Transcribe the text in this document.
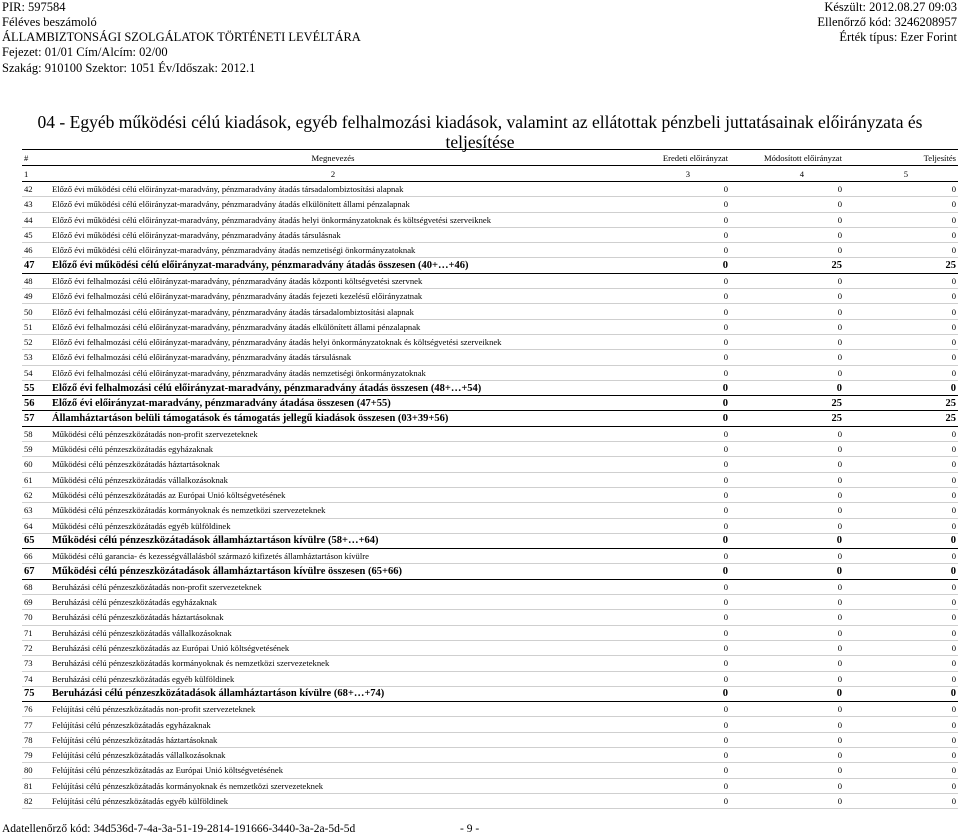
PIR: 597584
Féléves beszámoló
ÁLLAMBIZTONSÁGI SZOLGÁLATOK TÖRTÉNETI LEVÉLTÁRA
Fejezet: 01/01 Cím/Alcím: 02/00
Szakág: 910100 Szektor: 1051 Év/Időszak: 2012.1
Készült: 2012.08.27 09:03
Ellenőrző kód: 3246208957
Érték típus: Ezer Forint
04 - Egyéb működési célú kiadások, egyéb felhalmozási kiadások, valamint az ellátottak pénzbeli juttatásainak előirányzata és teljesítése
#	Megnevezés	Eredeti előirányzat	Módosított előirányzat	Teljesítés
1	2	3	4	5
42	Előző évi működési célú előirányzat-maradvány, pénzmaradvány átadás társadalombiztosítási alapnak	0	0	0
43	Előző évi működési célú előirányzat-maradvány, pénzmaradvány átadás elkülönített állami pénzalapnak	0	0	0
44	Előző évi működési célú előirányzat-maradvány, pénzmaradvány átadás helyi önkormányzatoknak és költségvetési szerveiknek	0	0	0
45	Előző évi működési célú előirányzat-maradvány, pénzmaradvány átadás társulásnak	0	0	0
46	Előző évi működési célú előirányzat-maradvány, pénzmaradvány átadás nemzetiségi önkormányzatoknak	0	0	0
47	Előző évi működési célú előirányzat-maradvány, pénzmaradvány átadás összesen (40+…+46)	0	25	25
48	Előző évi felhalmozási célú előirányzat-maradvány, pénzmaradvány átadás központi költségvetési szervnek	0	0	0
49	Előző évi felhalmozási célú előirányzat-maradvány, pénzmaradvány átadás fejezeti kezelésű előirányzatnak	0	0	0
50	Előző évi felhalmozási célú előirányzat-maradvány, pénzmaradvány átadás társadalombiztosítási alapnak	0	0	0
51	Előző évi felhalmozási célú előirányzat-maradvány, pénzmaradvány átadás elkülönített állami pénzalapnak	0	0	0
52	Előző évi felhalmozási célú előirányzat-maradvány, pénzmaradvány átadás helyi önkormányzatoknak és költségvetési szerveiknek	0	0	0
53	Előző évi felhalmozási célú előirányzat-maradvány, pénzmaradvány átadás társulásnak	0	0	0
54	Előző évi felhalmozási célú előirányzat-maradvány, pénzmaradvány átadás nemzetiségi önkormányzatoknak	0	0	0
55	Előző évi felhalmozási célú előirányzat-maradvány, pénzmaradvány átadás összesen (48+…+54)	0	0	0
56	Előző évi előirányzat-maradvány, pénzmaradvány átadása összesen (47+55)	0	25	25
57	Államháztartáson belüli támogatások és támogatás jellegű kiadások összesen (03+39+56)	0	25	25
58	Működési célú pénzeszközátadás non-profit szervezeteknek	0	0	0
59	Működési célú pénzeszközátadás egyházaknak	0	0	0
60	Működési célú pénzeszközátadás háztartásoknak	0	0	0
61	Működési célú pénzeszközátadás vállalkozásoknak	0	0	0
62	Működési célú pénzeszközátadás az Európai Unió költségvetésének	0	0	0
63	Működési célú pénzeszközátadás kormányoknak és nemzetközi szervezeteknek	0	0	0
64	Működési célú pénzeszközátadás egyéb külföldinek	0	0	0
65	Működési célú pénzeszközátadások államháztartáson kívülre (58+…+64)	0	0	0
66	Működési célú garancia- és kezességvállalásból származó kifizetés államháztartáson kívülre	0	0	0
67	Működési célú pénzeszközátadások államháztartáson kívülre összesen (65+66)	0	0	0
68	Beruházási célú pénzeszközátadás non-profit szervezeteknek	0	0	0
69	Beruházási célú pénzeszközátadás egyházaknak	0	0	0
70	Beruházási célú pénzeszközátadás háztartásoknak	0	0	0
71	Beruházási célú pénzeszközátadás vállalkozásoknak	0	0	0
72	Beruházási célú pénzeszközátadás az Európai Unió költségvetésének	0	0	0
73	Beruházási célú pénzeszközátadás kormányoknak és nemzetközi szervezeteknek	0	0	0
74	Beruházási célú pénzeszközátadás egyéb külföldinek	0	0	0
75	Beruházási célú pénzeszközátadások államháztartáson kívülre (68+…+74)	0	0	0
76	Felújítási célú pénzeszközátadás non-profit szervezeteknek	0	0	0
77	Felújítási célú pénzeszközátadás egyházaknak	0	0	0
78	Felújítási célú pénzeszközátadás háztartásoknak	0	0	0
79	Felújítási célú pénzeszközátadás vállalkozásoknak	0	0	0
80	Felújítási célú pénzeszközátadás az Európai Unió költségvetésének	0	0	0
81	Felújítási célú pénzeszközátadás kormányoknak és nemzetközi szervezeteknek	0	0	0
82	Felújítási célú pénzeszközátadás egyéb külföldinek	0	0	0
Adatellenőrző kód: 34d536d-7-4a-3a-51-19-2814-191666-3440-3a-2a-5d-5d	- 9 -
